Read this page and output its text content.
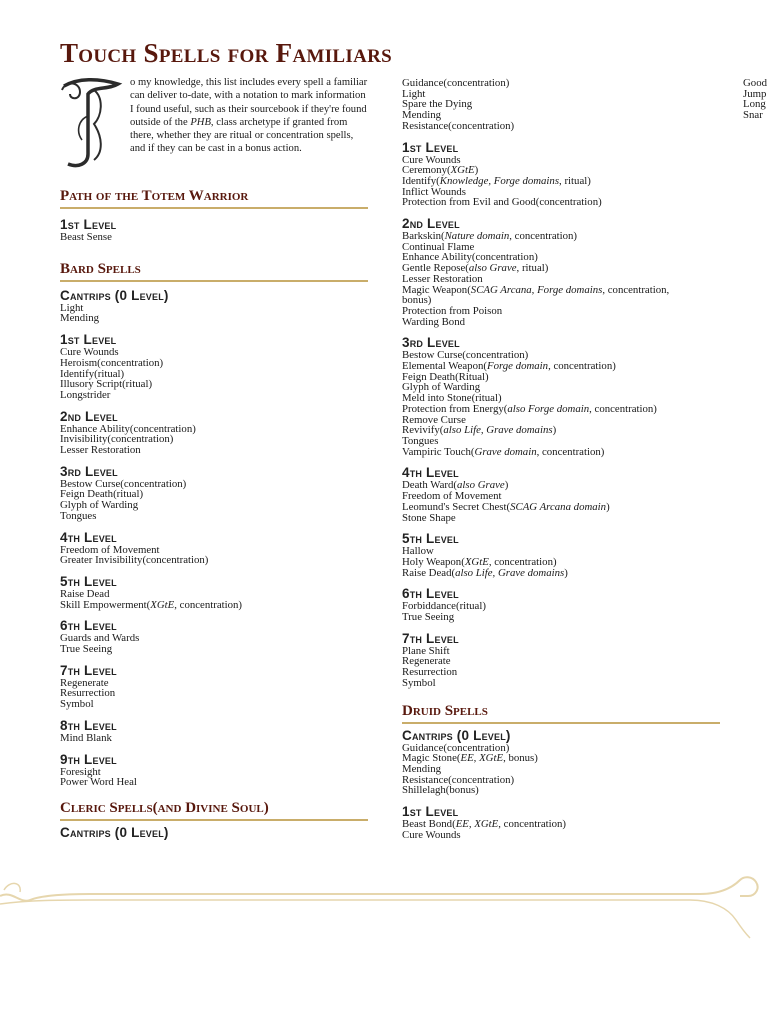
Touch Spells for Familiars
o my knowledge, this list includes every spell a familiar can deliver to-date, with a notation to mark information I found useful, such as their sourcebook if they're found outside of the PHB, class archetype if granted from there, whether they are ritual or concentration spells, and if they can be cast in a bonus action.
Path of the Totem Warrior
1st Level

Beast Sense

Bard Spells
Cantrips (0 Level)

Light

Mending

1st Level

Cure Wounds

Heroism(concentration)

Identify(ritual)

Illusory Script(ritual)

Longstrider

2nd Level

Enhance Ability(concentration)

Invisibility(concentration)

Lesser Restoration

3rd Level

Bestow Curse(concentration)

Feign Death(ritual)

Glyph of Warding

Tongues

4th Level

Freedom of Movement

Greater Invisibility(concentration)

5th Level

Raise Dead

Skill Empowerment(XGtE, concentration)

6th Level

Guards and Wards

True Seeing

7th Level

Regenerate

Resurrection

Symbol

8th Level

Mind Blank

9th Level

Foresight

Power Word Heal

Cleric Spells(and Divine Soul)
Cantrips (0 Level)

Guidance(concentration)

Light

Spare the Dying

Mending

Resistance(concentration)

1st Level

Cure Wounds

Ceremony(XGtE)

Identify(Knowledge, Forge domains, ritual)

Inflict Wounds

Protection from Evil and Good(concentration)

2nd Level

Barkskin(Nature domain, concentration)

Continual Flame

Enhance Ability(concentration)

Gentle Repose(also Grave, ritual)

Lesser Restoration

Magic Weapon(SCAG Arcana, Forge domains, concentration,

bonus)

Protection from Poison

Warding Bond

3rd Level

Bestow Curse(concentration)

Elemental Weapon(Forge domain, concentration)

Feign Death(Ritual)

Glyph of Warding

Meld into Stone(ritual)

Protection from Energy(also Forge domain, concentration)

Remove Curse

Revivify(also Life, Grave domains)

Tongues

Vampiric Touch(Grave domain, concentration)

4th Level

Death Ward(also Grave)

Freedom of Movement

Leomund's Secret Chest(SCAG Arcana domain)

Stone Shape

5th Level

Hallow

Holy Weapon(XGtE, concentration)

Raise Dead(also Life, Grave domains)

6th Level

Forbiddance(ritual)

True Seeing

7th Level

Plane Shift

Regenerate

Resurrection

Symbol

Druid Spells
Cantrips (0 Level)

Guidance(concentration)

Magic Stone(EE, XGtE, bonus)

Mending

Resistance(concentration)

Shillelagh(bonus)

1st Level

Beast Bond(EE, XGtE, concentration)

Cure Wounds

Good

Jump

Long

Snar
